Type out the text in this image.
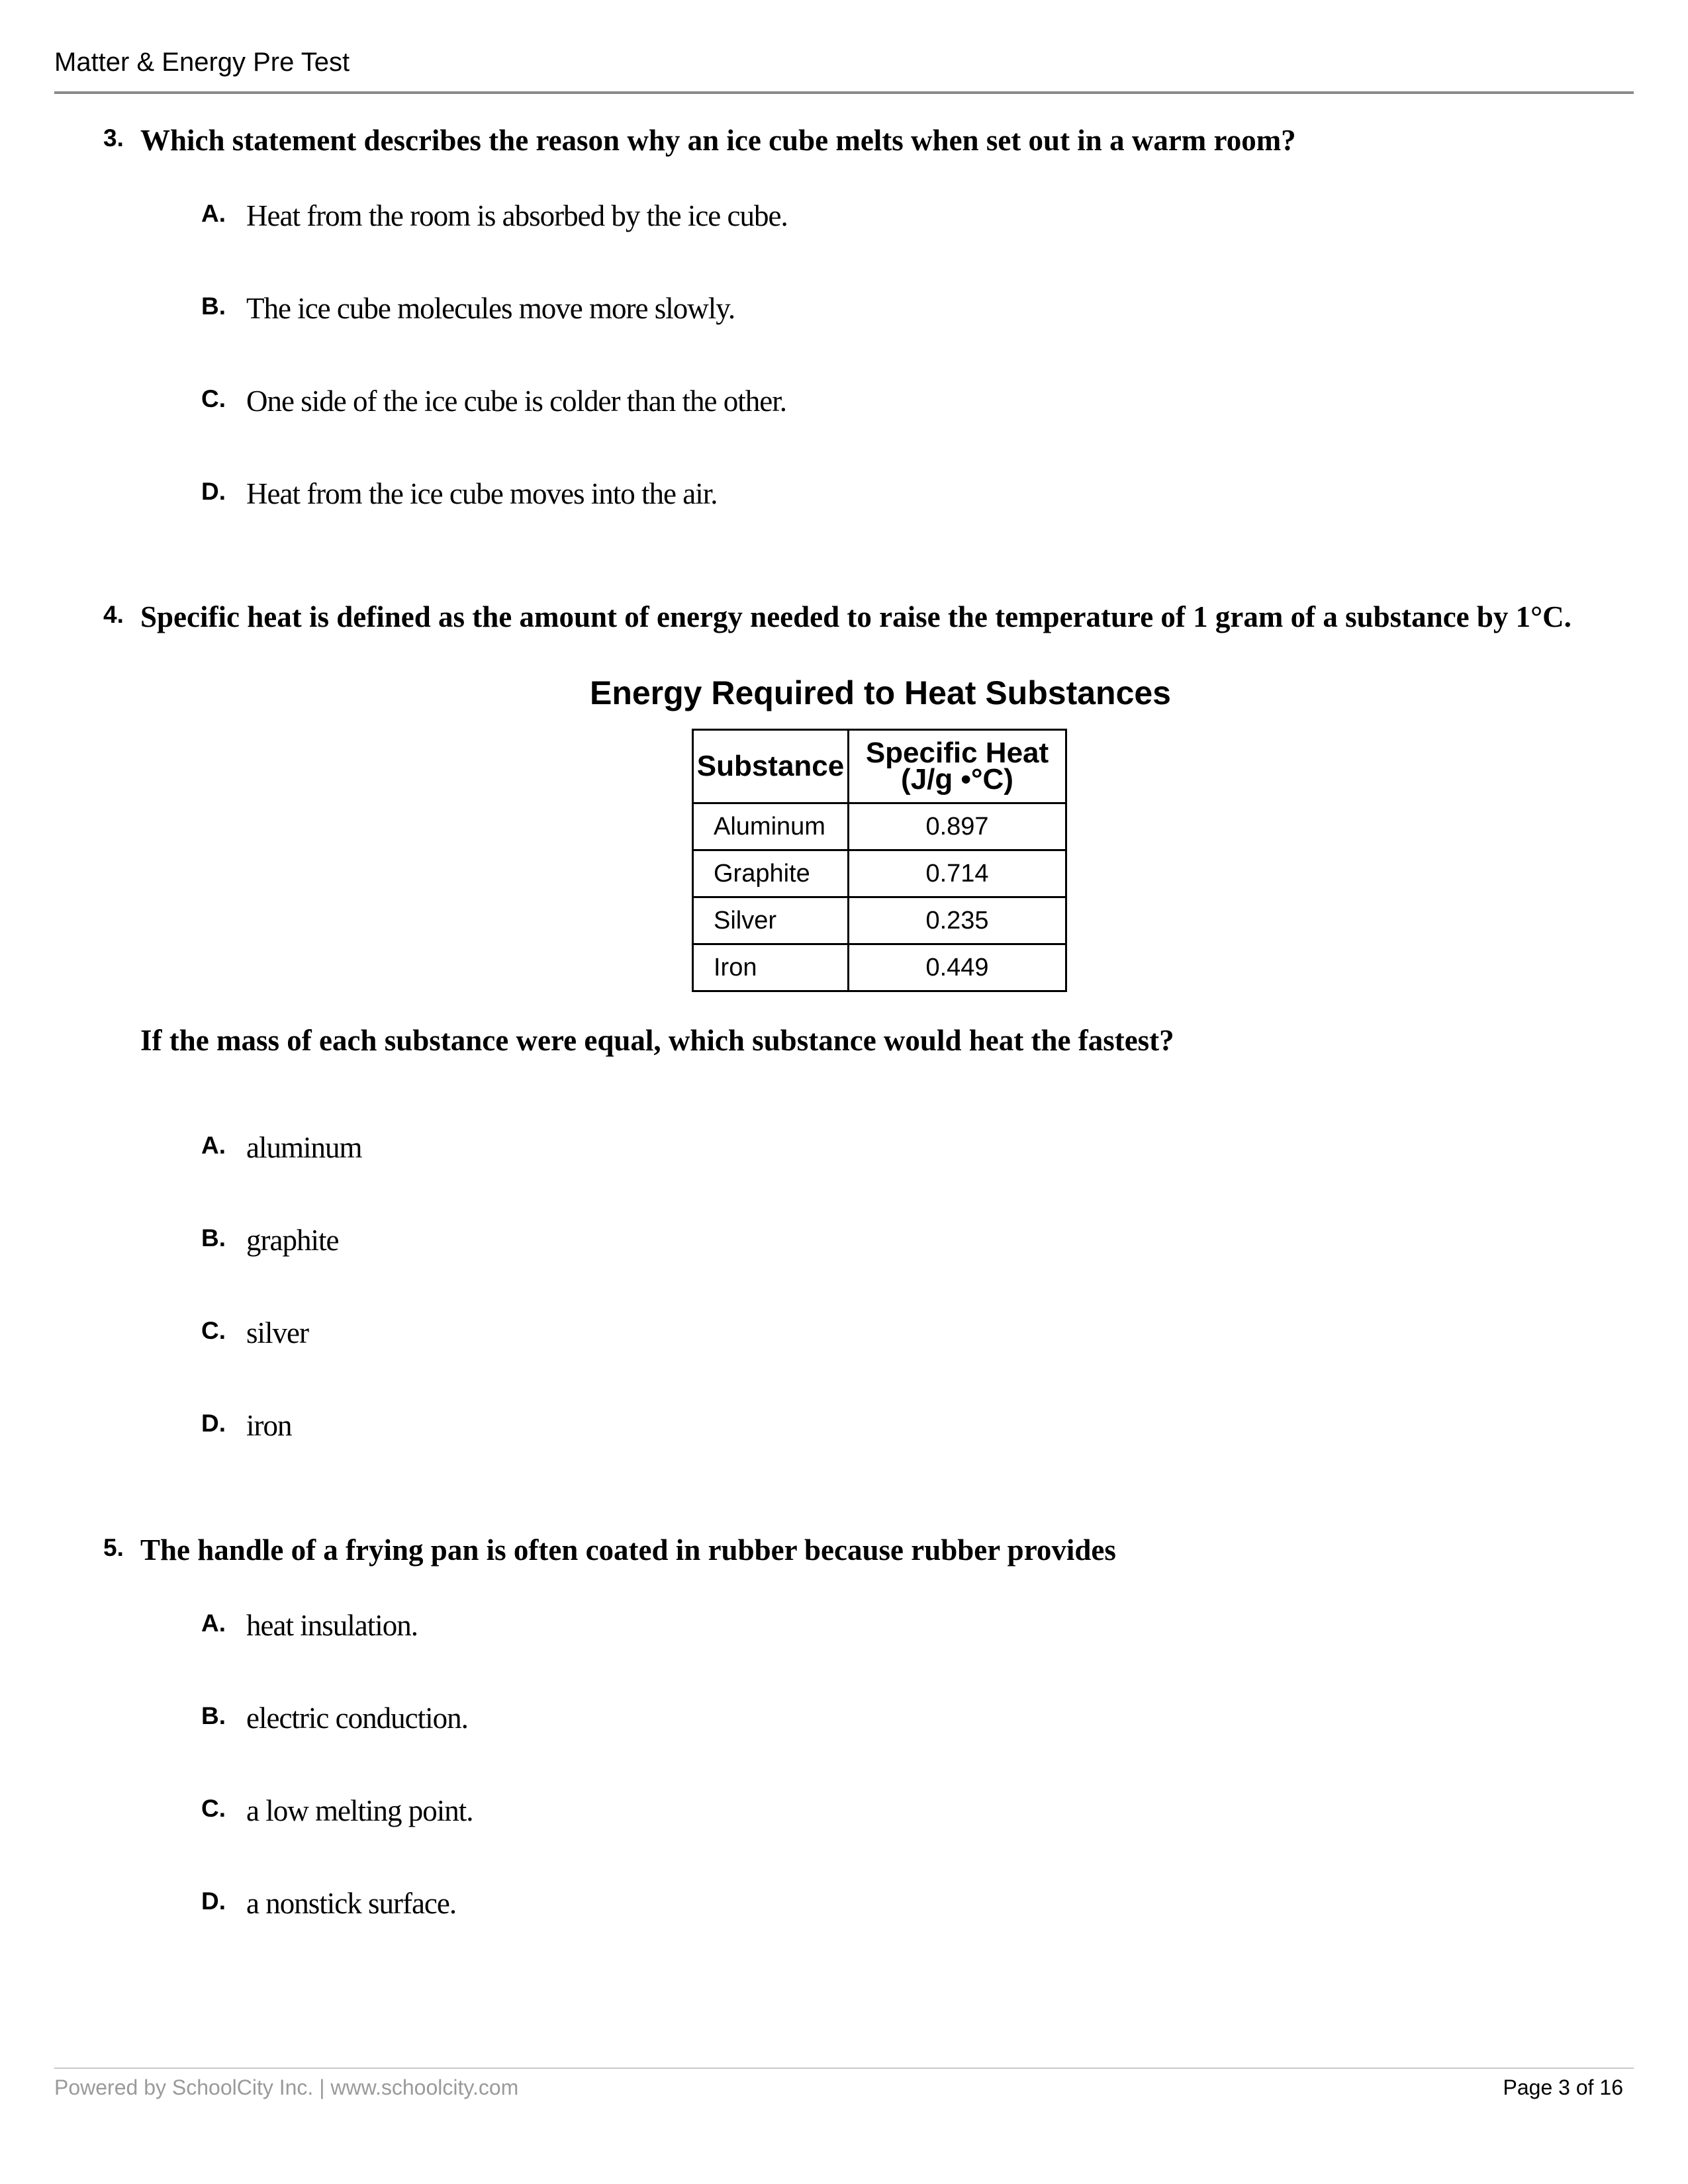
Matter & Energy Pre Test
3. Which statement describes the reason why an ice cube melts when set out in a warm room?
A. Heat from the room is absorbed by the ice cube.
B. The ice cube molecules move more slowly.
C. One side of the ice cube is colder than the other.
D. Heat from the ice cube moves into the air.
4. Specific heat is defined as the amount of energy needed to raise the temperature of 1 gram of a substance by 1°C.
Energy Required to Heat Substances
Substance	Specific Heat
(J/g •°C)

Aluminum	0.897
Graphite	0.714
Silver	0.235
Iron	0.449
If the mass of each substance were equal, which substance would heat the fastest?
A. aluminum
B. graphite
C. silver
D. iron
5. The handle of a frying pan is often coated in rubber because rubber provides
A. heat insulation.
B. electric conduction.
C. a low melting point.
D. a nonstick surface.
Powered by SchoolCity Inc. | www.schoolcity.com	Page 3 of 16
